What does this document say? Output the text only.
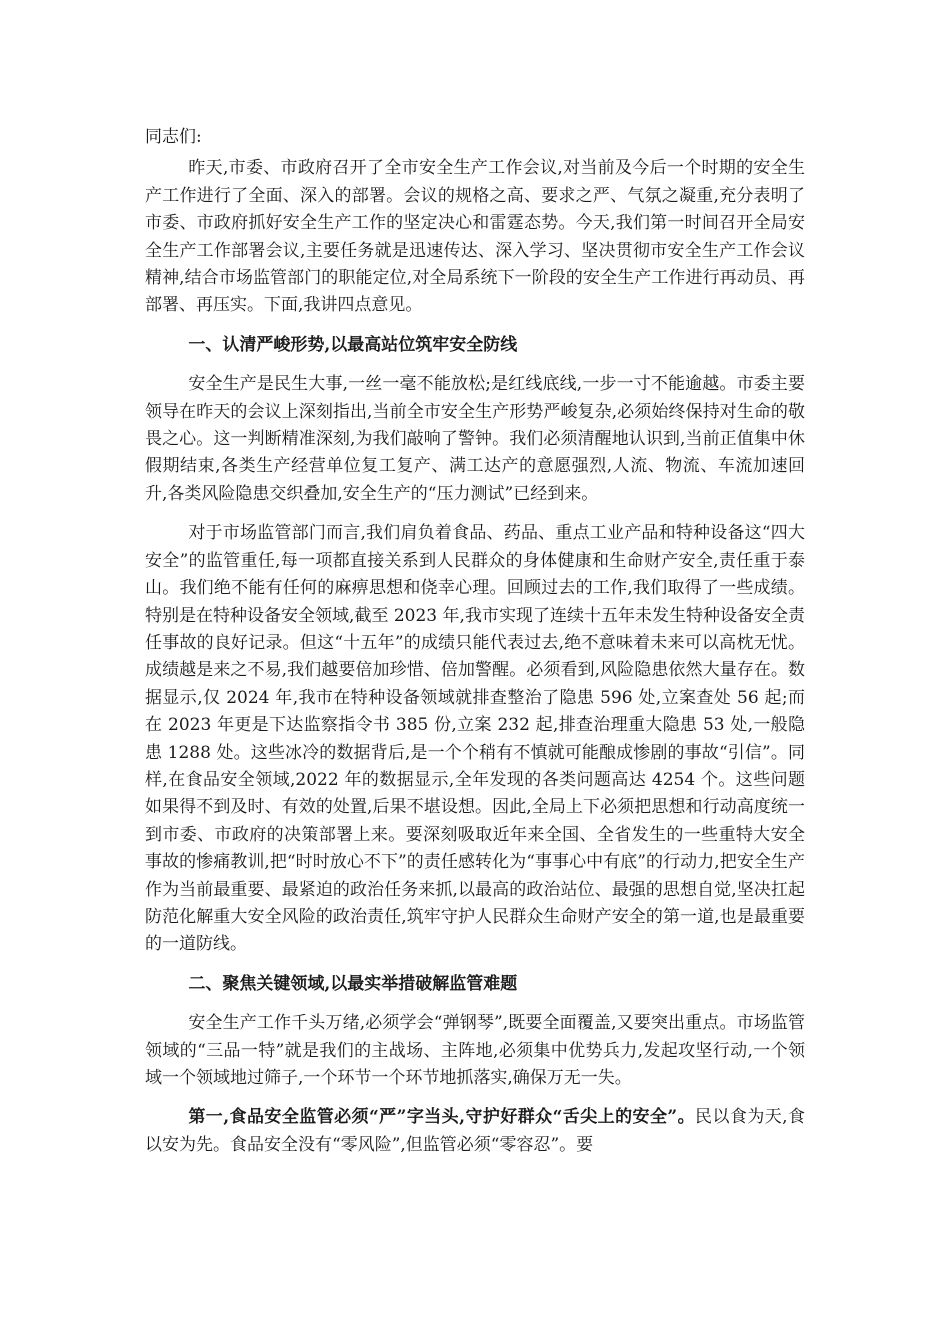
同志们:

昨天,市委、市政府召开了全市安全生产工作会议,对当前及今后一个时期的安全生产工作进行了全面、深入的部署。会议的规格之高、要求之严、气氛之凝重,充分表明了市委、市政府抓好安全生产工作的坚定决心和雷霆态势。今天,我们第一时间召开全局安全生产工作部署会议,主要任务就是迅速传达、深入学习、坚决贯彻市安全生产工作会议精神,结合市场监管部门的职能定位,对全局系统下一阶段的安全生产工作进行再动员、再部署、再压实。下面,我讲四点意见。

一、认清严峻形势,以最高站位筑牢安全防线

安全生产是民生大事,一丝一毫不能放松;是红线底线,一步一寸不能逾越。市委主要领导在昨天的会议上深刻指出,当前全市安全生产形势严峻复杂,必须始终保持对生命的敬畏之心。这一判断精准深刻,为我们敲响了警钟。我们必须清醒地认识到,当前正值集中休假期结束,各类生产经营单位复工复产、满工达产的意愿强烈,人流、物流、车流加速回升,各类风险隐患交织叠加,安全生产的“压力测试”已经到来。

对于市场监管部门而言,我们肩负着食品、药品、重点工业产品和特种设备这“四大安全”的监管重任,每一项都直接关系到人民群众的身体健康和生命财产安全,责任重于泰山。我们绝不能有任何的麻痹思想和侥幸心理。回顾过去的工作,我们取得了一些成绩。特别是在特种设备安全领域,截至 2023 年,我市实现了连续十五年未发生特种设备安全责任事故的良好记录。但这“十五年”的成绩只能代表过去,绝不意味着未来可以高枕无忧。成绩越是来之不易,我们越要倍加珍惜、倍加警醒。必须看到,风险隐患依然大量存在。数据显示,仅 2024 年,我市在特种设备领域就排查整治了隐患 596 处,立案查处 56 起;而在 2023 年更是下达监察指令书 385 份,立案 232 起,排查治理重大隐患 53 处,一般隐患 1288 处。这些冰冷的数据背后,是一个个稍有不慎就可能酿成惨剧的事故“引信”。同样,在食品安全领域,2022 年的数据显示,全年发现的各类问题高达 4254 个。这些问题如果得不到及时、有效的处置,后果不堪设想。因此,全局上下必须把思想和行动高度统一到市委、市政府的决策部署上来。要深刻吸取近年来全国、全省发生的一些重特大安全事故的惨痛教训,把“时时放心不下”的责任感转化为“事事心中有底”的行动力,把安全生产作为当前最重要、最紧迫的政治任务来抓,以最高的政治站位、最强的思想自觉,坚决扛起防范化解重大安全风险的政治责任,筑牢守护人民群众生命财产安全的第一道,也是最重要的一道防线。

二、聚焦关键领域,以最实举措破解监管难题

安全生产工作千头万绪,必须学会“弹钢琴”,既要全面覆盖,又要突出重点。市场监管领域的“三品一特”就是我们的主战场、主阵地,必须集中优势兵力,发起攻坚行动,一个领域一个领域地过筛子,一个环节一个环节地抓落实,确保万无一失。

第一,食品安全监管必须“严”字当头,守护好群众“舌尖上的安全”。民以食为天,食以安为先。食品安全没有“零风险”,但监管必须“零容忍”。要
